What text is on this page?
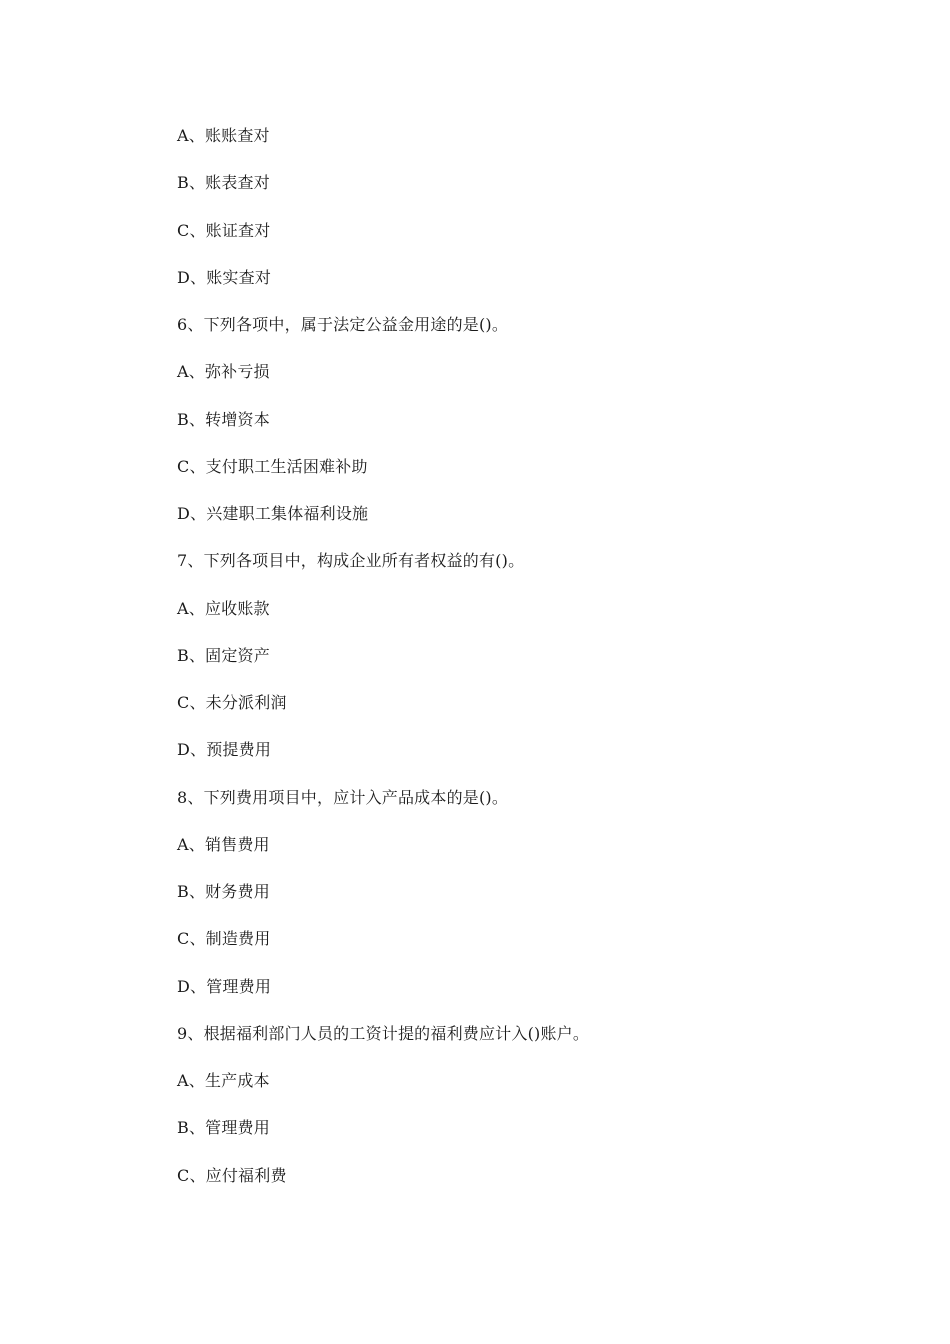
A、账账查对
B、账表查对
C、账证查对
D、账实查对
6、下列各项中，属于法定公益金用途的是()。
A、弥补亏损
B、转增资本
C、支付职工生活困难补助
D、兴建职工集体福利设施
7、下列各项目中，构成企业所有者权益的有()。
A、应收账款
B、固定资产
C、未分派利润
D、预提费用
8、下列费用项目中，应计入产品成本的是()。
A、销售费用
B、财务费用
C、制造费用
D、管理费用
9、根据福利部门人员的工资计提的福利费应计入()账户。
A、生产成本
B、管理费用
C、应付福利费
